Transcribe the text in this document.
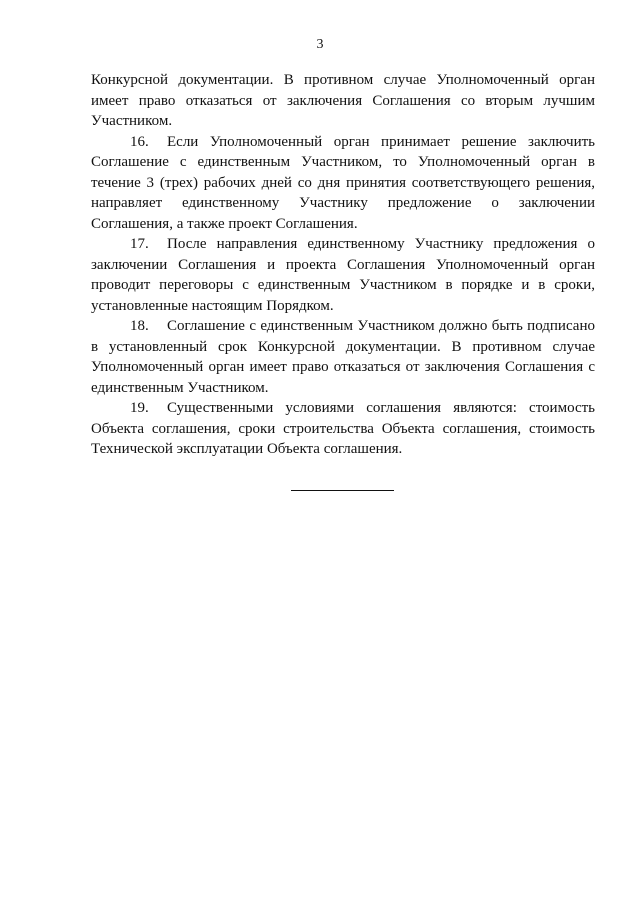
3

Конкурсной документации. В противном случае Уполномоченный орган имеет право отказаться от заключения Соглашения со вторым лучшим Участником.

16. Если Уполномоченный орган принимает решение заключить Соглашение с единственным Участником, то Уполномоченный орган в течение 3 (трех) рабочих дней со дня принятия соответствующего решения, направляет единственному Участнику предложение о заключении Соглашения, а также проект Соглашения.

17. После направления единственному Участнику предложения о заключении Соглашения и проекта Соглашения Уполномоченный орган проводит переговоры с единственным Участником в порядке и в сроки, установленные настоящим Порядком.

18. Соглашение с единственным Участником должно быть подписано в установленный срок Конкурсной документации. В противном случае Уполномоченный орган имеет право отказаться от заключения Соглашения с единственным Участником.

19. Существенными условиями соглашения являются: стоимость Объекта соглашения, сроки строительства Объекта соглашения, стоимость Технической эксплуатации Объекта соглашения.
